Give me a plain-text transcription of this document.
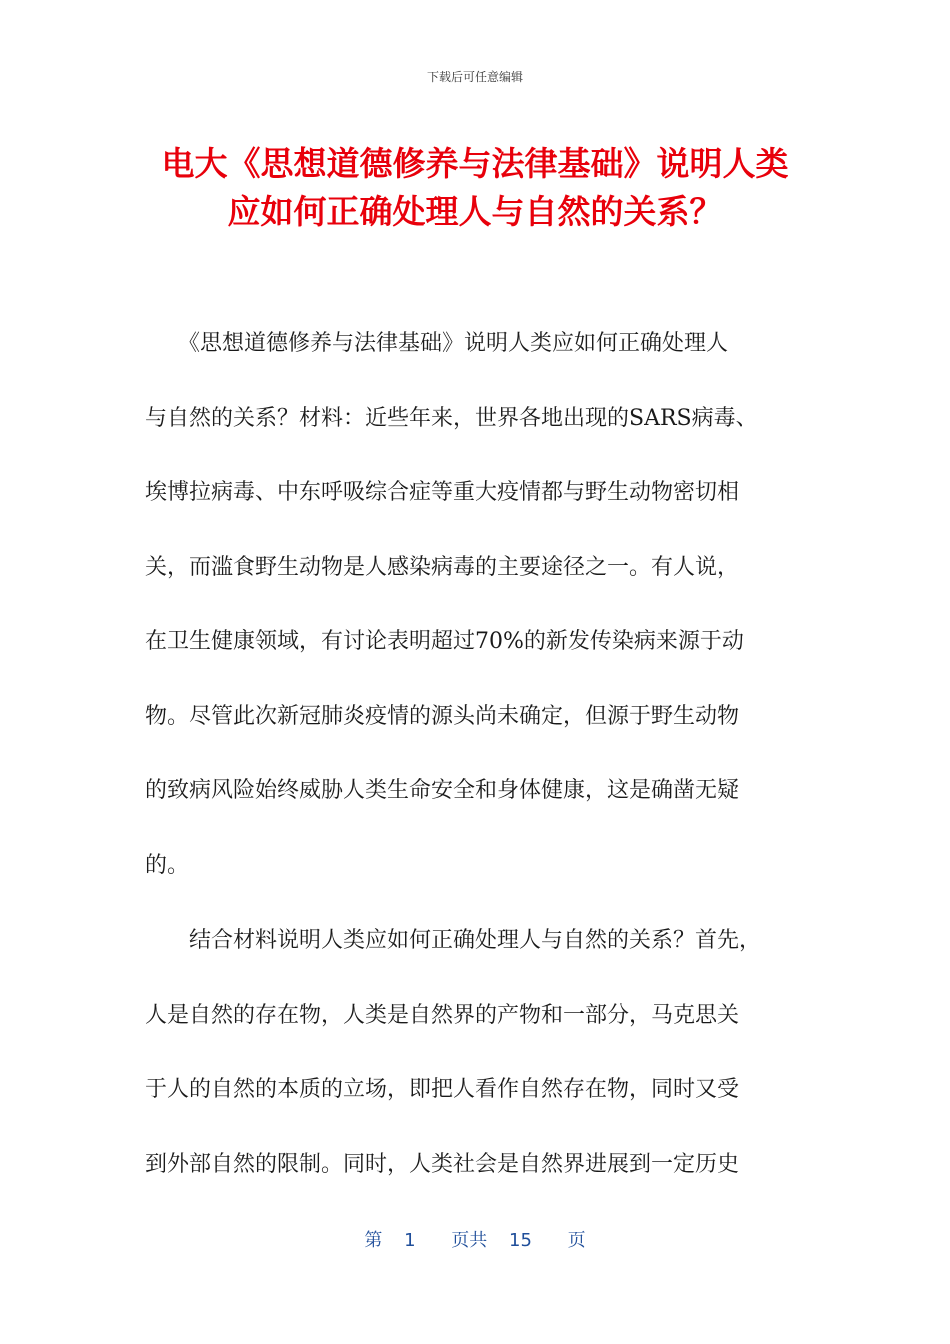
下载后可任意编辑
电大《思想道德修养与法律基础》说明人类
应如何正确处理人与自然的关系？
　　《思想道德修养与法律基础》说明人类应如何正确处理人
与自然的关系？材料：近些年来，世界各地出现的SARS病毒、
埃博拉病毒、中东呼吸综合症等重大疫情都与野生动物密切相
关，而滥食野生动物是人感染病毒的主要途径之一。有人说，
在卫生健康领域，有讨论表明超过70%的新发传染病来源于动
物。尽管此次新冠肺炎疫情的源头尚未确定，但源于野生动物
的致病风险始终威胁人类生命安全和身体健康，这是确凿无疑
的。
　　结合材料说明人类应如何正确处理人与自然的关系？首先，
人是自然的存在物，人类是自然界的产物和一部分，马克思关
于人的自然的本质的立场，即把人看作自然存在物，同时又受
到外部自然的限制。同时，人类社会是自然界进展到一定历史
第 1 页共 15 页
